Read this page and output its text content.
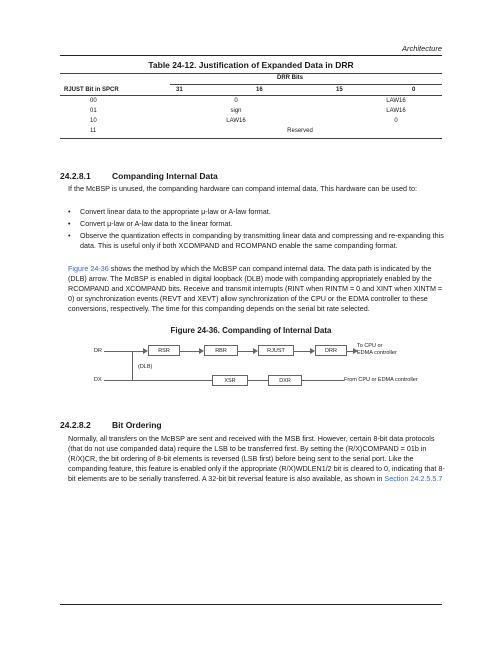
Architecture
Table 24-12. Justification of Expanded Data in DRR
DRR Bits
RJUST Bit in SPCR	31	16	15	0
00	0	LAW16
01	sign	LAW16
10	LAW16	0
11	Reserved
24.2.8.1	Companding Internal Data
If the McBSP is unused, the companding hardware can compand internal data. This hardware can be used to:
• Convert linear data to the appropriate μ-law or A-law format.
• Convert μ-law or A-law data to the linear format.
• Observe the quantization effects in companding by transmitting linear data and compressing and re-expanding this data. This is useful only if both XCOMPAND and RCOMPAND enable the same companding format.
Figure 24-36 shows the method by which the McBSP can compand internal data. The data path is indicated by the (DLB) arrow. The McBSP is enabled in digital loopback (DLB) mode with companding appropriately enabled by the RCOMPAND and XCOMPAND bits. Receive and transmit interrupts (RINT when RINTM = 0 and XINT when XINTM = 0) or synchronization events (REVT and XEVT) allow synchronization of the CPU or the EDMA controller to these conversions, respectively. The time for this companding depends on the serial bit rate selected.
Figure 24-36. Companding of Internal Data
DR
DX
RSR	RBR	RJUST	DRR
To CPU or
EDMA controller
(DLB)
XSR	DXR	From CPU or EDMA controller
24.2.8.2	Bit Ordering
Normally, all transfers on the McBSP are sent and received with the MSB first. However, certain 8-bit data protocols (that do not use companded data) require the LSB to be transferred first. By setting the (R/X)COMPAND = 01b in (R/X)CR, the bit ordering of 8-bit elements is reversed (LSB first) before being sent to the serial port. Like the companding feature, this feature is enabled only if the appropriate (R/X)WDLEN1/2 bit is cleared to 0, indicating that 8-bit elements are to be serially transferred. A 32-bit bit reversal feature is also available, as shown in Section 24.2.5.5.7
